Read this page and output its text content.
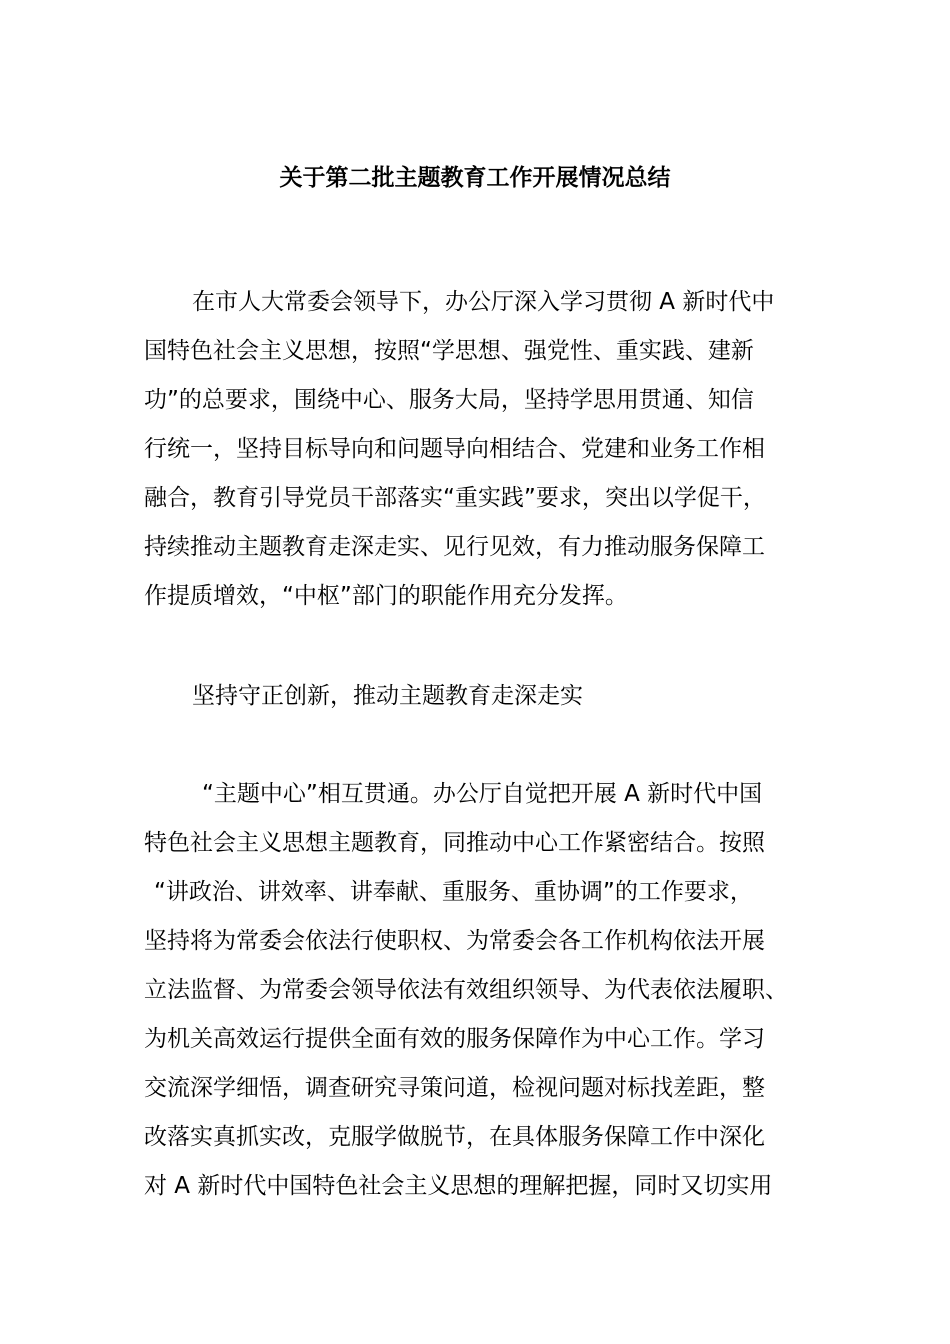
关于第二批主题教育工作开展情况总结
在市人大常委会领导下，办公厅深入学习贯彻 A 新时代中
国特色社会主义思想，按照“学思想、强党性、重实践、建新
功”的总要求，围绕中心、服务大局，坚持学思用贯通、知信
行统一，坚持目标导向和问题导向相结合、党建和业务工作相
融合，教育引导党员干部落实“重实践”要求，突出以学促干，
持续推动主题教育走深走实、见行见效，有力推动服务保障工
作提质增效，“中枢”部门的职能作用充分发挥。
坚持守正创新，推动主题教育走深走实
“主题中心”相互贯通。办公厅自觉把开展 A 新时代中国
特色社会主义思想主题教育，同推动中心工作紧密结合。按照
“讲政治、讲效率、讲奉献、重服务、重协调”的工作要求，
坚持将为常委会依法行使职权、为常委会各工作机构依法开展
立法监督、为常委会领导依法有效组织领导、为代表依法履职、
为机关高效运行提供全面有效的服务保障作为中心工作。学习
交流深学细悟，调查研究寻策问道，检视问题对标找差距，整
改落实真抓实改，克服学做脱节，在具体服务保障工作中深化
对 A 新时代中国特色社会主义思想的理解把握，同时又切实用
